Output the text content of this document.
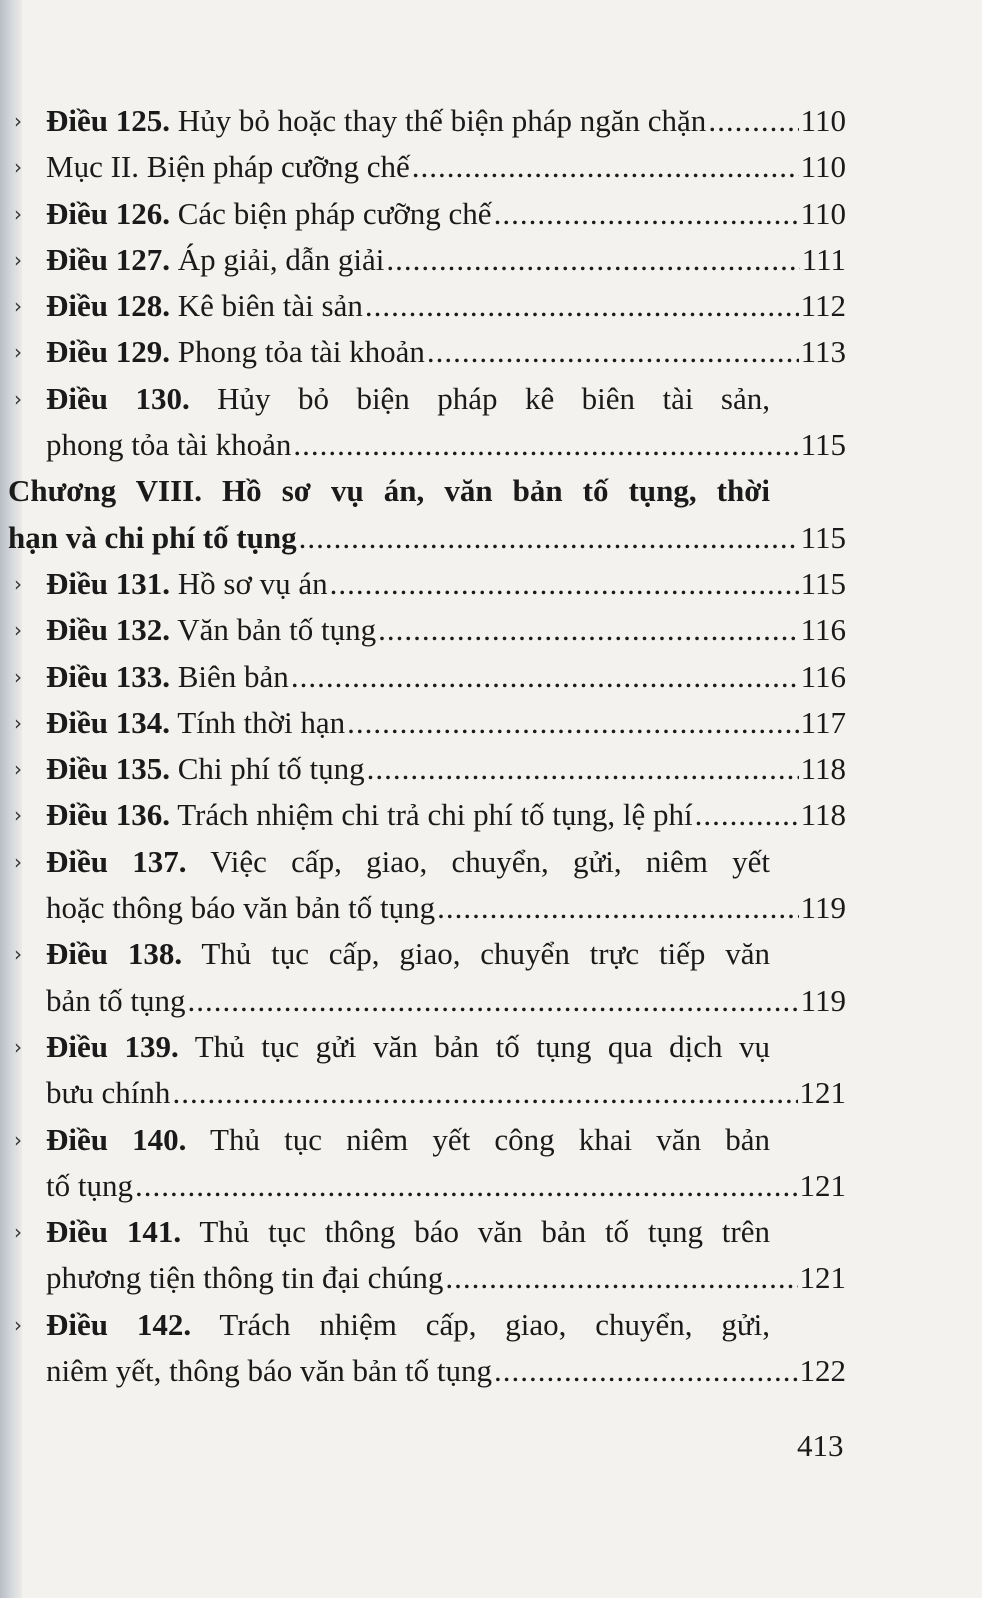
› Điều 125. Hủy bỏ hoặc thay thế biện pháp ngăn chặn .....	110
› Mục II. Biện pháp cưỡng chế .....	110
› Điều 126. Các biện pháp cưỡng chế .....	110
› Điều 127. Áp giải, dẫn giải .....	111
› Điều 128. Kê biên tài sản .....	112
› Điều 129. Phong tỏa tài khoản .....	113
› Điều 130. Hủy bỏ biện pháp kê biên tài sản,
phong tỏa tài khoản .....	115
Chương VIII. Hồ sơ vụ án, văn bản tố tụng, thời
hạn và chi phí tố tụng .....	115
› Điều 131. Hồ sơ vụ án .....	115
› Điều 132. Văn bản tố tụng .....	116
› Điều 133. Biên bản .....	116
› Điều 134. Tính thời hạn .....	117
› Điều 135. Chi phí tố tụng .....	118
› Điều 136. Trách nhiệm chi trả chi phí tố tụng, lệ phí .....	118
› Điều 137. Việc cấp, giao, chuyển, gửi, niêm yết
hoặc thông báo văn bản tố tụng .....	119
› Điều 138. Thủ tục cấp, giao, chuyển trực tiếp văn
bản tố tụng .....	119
› Điều 139. Thủ tục gửi văn bản tố tụng qua dịch vụ
bưu chính .....	121
› Điều 140. Thủ tục niêm yết công khai văn bản
tố tụng .....	121
› Điều 141. Thủ tục thông báo văn bản tố tụng trên
phương tiện thông tin đại chúng .....	121
› Điều 142. Trách nhiệm cấp, giao, chuyển, gửi,
niêm yết, thông báo văn bản tố tụng .....	122
413
